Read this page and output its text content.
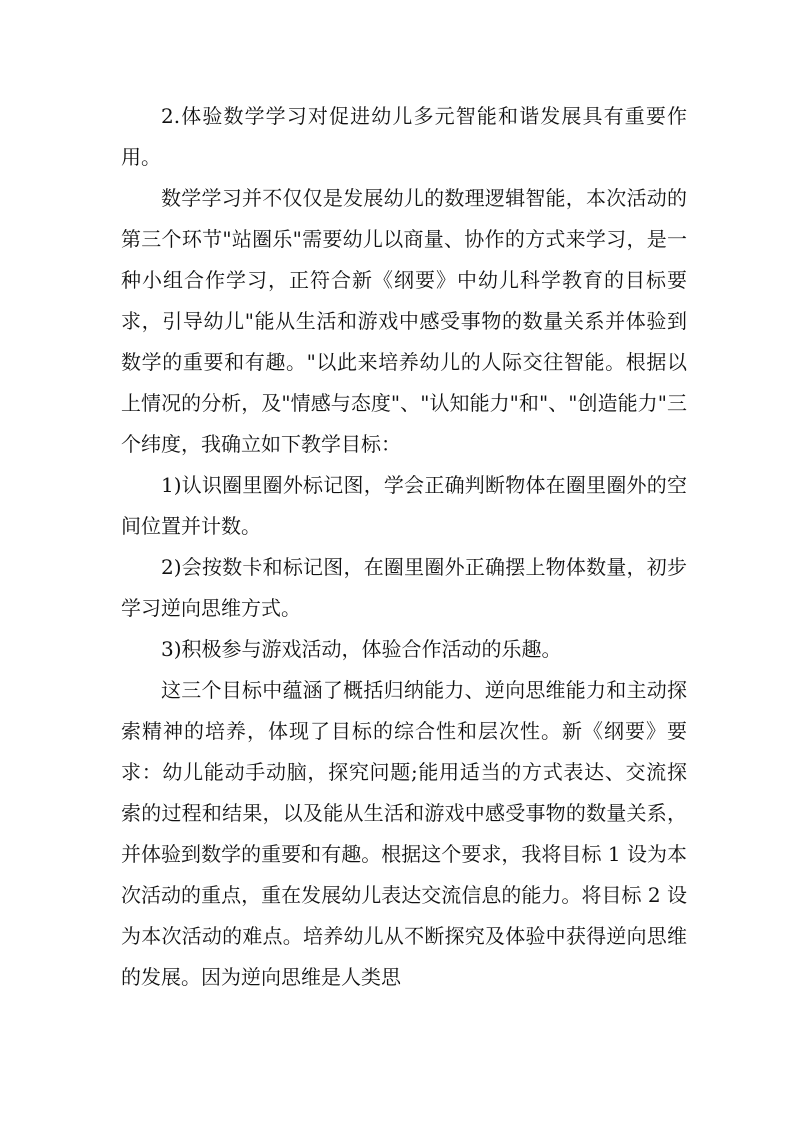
2.体验数学学习对促进幼儿多元智能和谐发展具有重要作用。

数学学习并不仅仅是发展幼儿的数理逻辑智能，本次活动的第三个环节"站圈乐"需要幼儿以商量、协作的方式来学习，是一种小组合作学习，正符合新《纲要》中幼儿科学教育的目标要求，引导幼儿"能从生活和游戏中感受事物的数量关系并体验到数学的重要和有趣。"以此来培养幼儿的人际交往智能。根据以上情况的分析，及"情感与态度"、"认知能力"和"、"创造能力"三个纬度，我确立如下教学目标：

1)认识圈里圈外标记图，学会正确判断物体在圈里圈外的空间位置并计数。

2)会按数卡和标记图，在圈里圈外正确摆上物体数量，初步学习逆向思维方式。

3)积极参与游戏活动，体验合作活动的乐趣。

这三个目标中蕴涵了概括归纳能力、逆向思维能力和主动探索精神的培养，体现了目标的综合性和层次性。新《纲要》要求：幼儿能动手动脑，探究问题;能用适当的方式表达、交流探索的过程和结果，以及能从生活和游戏中感受事物的数量关系，并体验到数学的重要和有趣。根据这个要求，我将目标 1 设为本次活动的重点，重在发展幼儿表达交流信息的能力。将目标 2 设为本次活动的难点。培养幼儿从不断探究及体验中获得逆向思维的发展。因为逆向思维是人类思
